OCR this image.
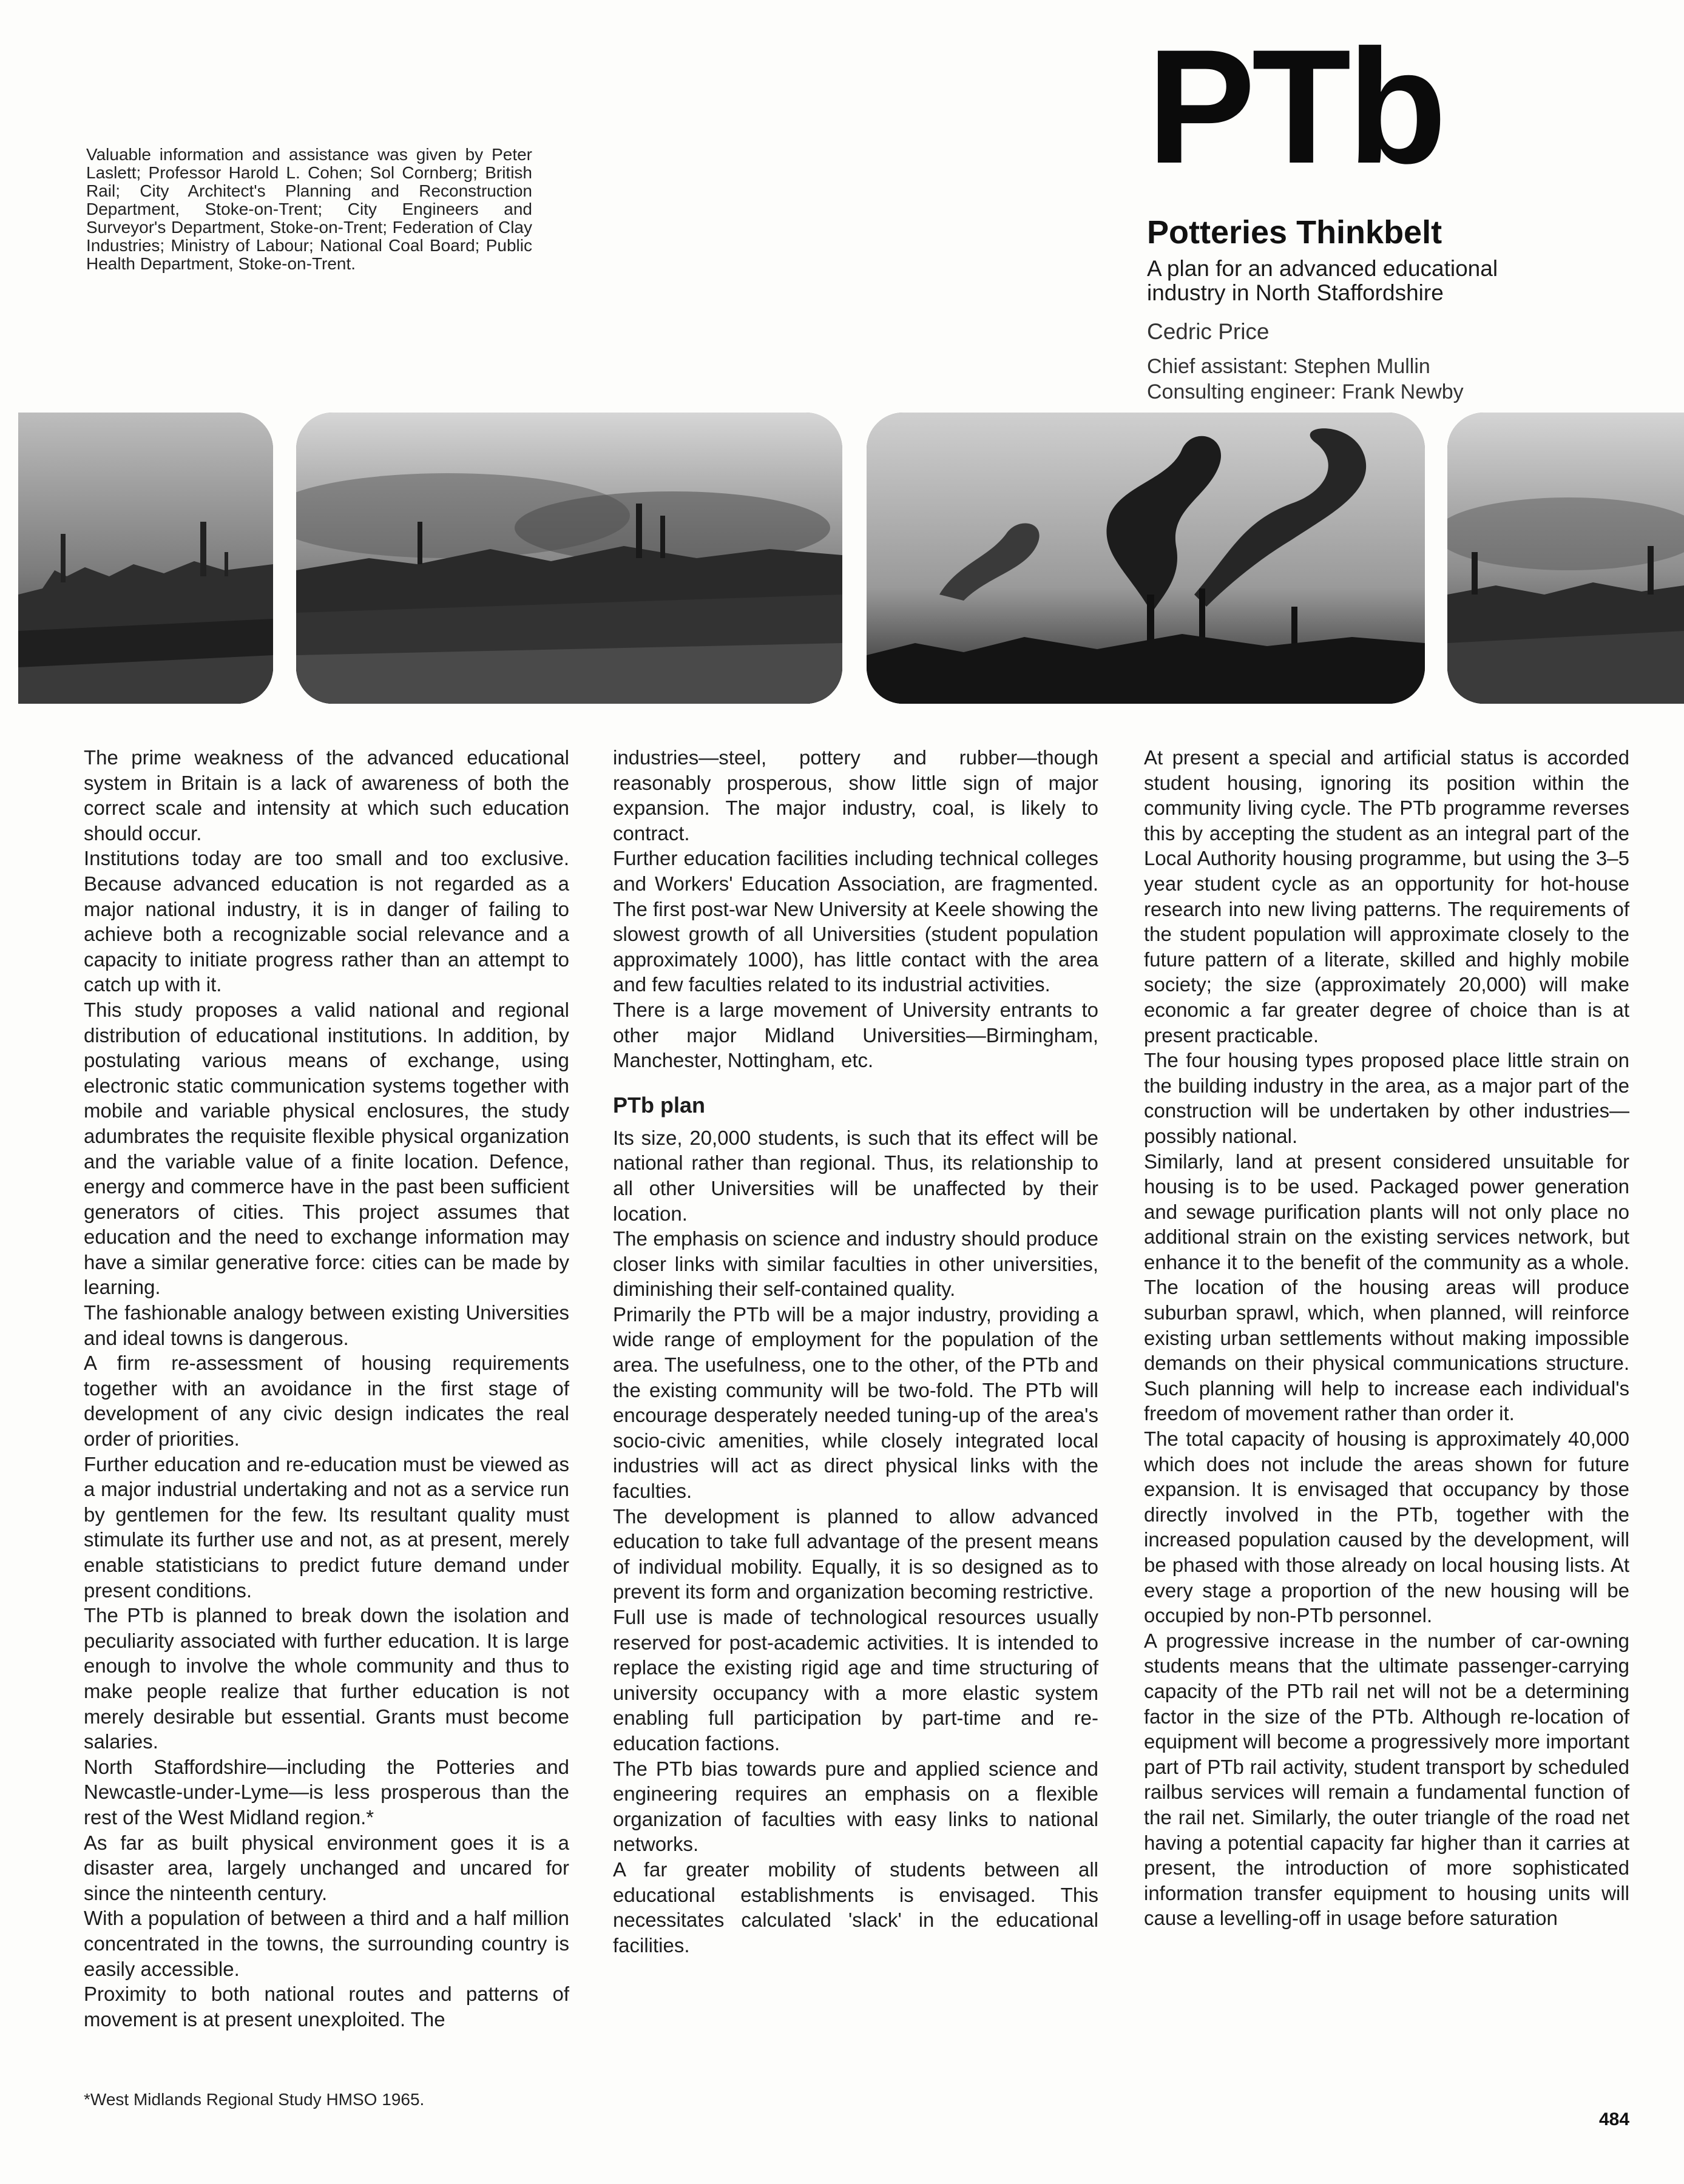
Valuable information and assistance was given by Peter Laslett; Professor Harold L. Cohen; Sol Cornberg; British Rail; City Architect's Planning and Reconstruction Department, Stoke-on-Trent; City Engineers and Surveyor's Department, Stoke-on-Trent; Federation of Clay Industries; Ministry of Labour; National Coal Board; Public Health Department, Stoke-on-Trent.
PTb
Potteries Thinkbelt
A plan for an advanced educational
industry in North Staffordshire
Cedric Price
Chief assistant: Stephen Mullin
Consulting engineer: Frank Newby

The prime weakness of the advanced educational system in Britain is a lack of awareness of both the correct scale and intensity at which such education should occur.

Institutions today are too small and too exclusive. Because advanced education is not regarded as a major national industry, it is in danger of failing to achieve both a recognizable social relevance and a capacity to initiate progress rather than an attempt to catch up with it.

This study proposes a valid national and regional distribution of educational institutions. In addition, by postulating various means of exchange, using electronic static communication systems together with mobile and variable physical enclosures, the study adumbrates the requisite flexible physical organization and the variable value of a finite location. Defence, energy and commerce have in the past been sufficient generators of cities. This project assumes that education and the need to exchange information may have a similar generative force: cities can be made by learning.

The fashionable analogy between existing Universities and ideal towns is dangerous.

A firm re-assessment of housing requirements together with an avoidance in the first stage of development of any civic design indicates the real order of priorities.

Further education and re-education must be viewed as a major industrial undertaking and not as a service run by gentlemen for the few. Its resultant quality must stimulate its further use and not, as at present, merely enable statisticians to predict future demand under present conditions.

The PTb is planned to break down the isolation and peculiarity associated with further education. It is large enough to involve the whole community and thus to make people realize that further education is not merely desirable but essential. Grants must become salaries.

North Staffordshire—including the Potteries and Newcastle-under-Lyme—is less prosperous than the rest of the West Midland region.*

As far as built physical environment goes it is a disaster area, largely unchanged and uncared for since the ninteenth century.

With a population of between a third and a half million concentrated in the towns, the surrounding country is easily accessible.

Proximity to both national routes and patterns of movement is at present unexploited. The

industries—steel, pottery and rubber—though reasonably prosperous, show little sign of major expansion. The major industry, coal, is likely to contract.

Further education facilities including technical colleges and Workers' Education Association, are fragmented. The first post-war New University at Keele showing the slowest growth of all Universities (student population approximately 1000), has little contact with the area and few faculties related to its industrial activities.

There is a large movement of University entrants to other major Midland Universities—Birmingham, Manchester, Nottingham, etc.

PTb plan

Its size, 20,000 students, is such that its effect will be national rather than regional. Thus, its relationship to all other Universities will be unaffected by their location.

The emphasis on science and industry should produce closer links with similar faculties in other universities, diminishing their self-contained quality.

Primarily the PTb will be a major industry, providing a wide range of employment for the population of the area. The usefulness, one to the other, of the PTb and the existing community will be two-fold. The PTb will encourage desperately needed tuning-up of the area's socio-civic amenities, while closely integrated local industries will act as direct physical links with the faculties.

The development is planned to allow advanced education to take full advantage of the present means of individual mobility. Equally, it is so designed as to prevent its form and organization becoming restrictive.

Full use is made of technological resources usually reserved for post-academic activities. It is intended to replace the existing rigid age and time structuring of university occupancy with a more elastic system enabling full participation by part-time and re-education factions.

The PTb bias towards pure and applied science and engineering requires an emphasis on a flexible organization of faculties with easy links to national networks.

A far greater mobility of students between all educational establishments is envisaged. This necessitates calculated 'slack' in the educational facilities.

At present a special and artificial status is accorded student housing, ignoring its position within the community living cycle. The PTb programme reverses this by accepting the student as an integral part of the Local Authority housing programme, but using the 3–5 year student cycle as an opportunity for hot-house research into new living patterns. The requirements of the student population will approximate closely to the future pattern of a literate, skilled and highly mobile society; the size (approximately 20,000) will make economic a far greater degree of choice than is at present practicable.

The four housing types proposed place little strain on the building industry in the area, as a major part of the construction will be undertaken by other industries—possibly national.

Similarly, land at present considered unsuitable for housing is to be used. Packaged power generation and sewage purification plants will not only place no additional strain on the existing services network, but enhance it to the benefit of the community as a whole. The location of the housing areas will produce suburban sprawl, which, when planned, will reinforce existing urban settlements without making impossible demands on their physical communications structure. Such planning will help to increase each individual's freedom of movement rather than order it.

The total capacity of housing is approximately 40,000 which does not include the areas shown for future expansion. It is envisaged that occupancy by those directly involved in the PTb, together with the increased population caused by the development, will be phased with those already on local housing lists. At every stage a proportion of the new housing will be occupied by non-PTb personnel.

A progressive increase in the number of car-owning students means that the ultimate passenger-carrying capacity of the PTb rail net will not be a determining factor in the size of the PTb. Although re-location of equipment will become a progressively more important part of PTb rail activity, student transport by scheduled railbus services will remain a fundamental function of the rail net. Similarly, the outer triangle of the road net having a potential capacity far higher than it carries at present, the introduction of more sophisticated information transfer equipment to housing units will cause a levelling-off in usage before saturation

*West Midlands Regional Study HMSO 1965.
484
